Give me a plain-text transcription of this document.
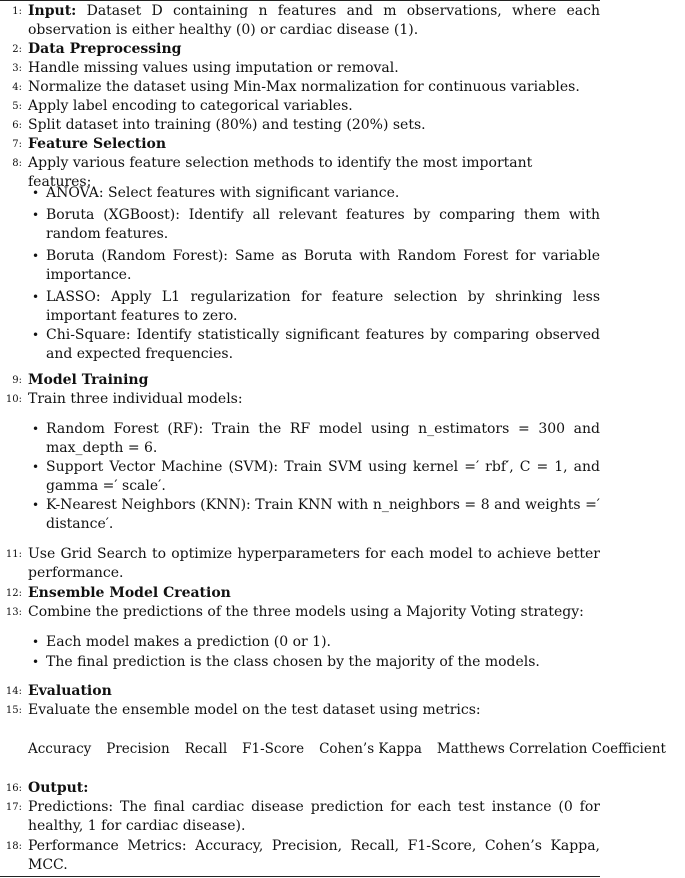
1: Input: Dataset D containing n features and m observations, where each observation is either healthy (0) or cardiac disease (1).
2: Data Preprocessing
3: Handle missing values using imputation or removal.
4: Normalize the dataset using Min-Max normalization for continuous variables.
5: Apply label encoding to categorical variables.
6: Split dataset into training (80%) and testing (20%) sets.
7: Feature Selection
8: Apply various feature selection methods to identify the most important features:
• ANOVA: Select features with significant variance.
• Boruta (XGBoost): Identify all relevant features by comparing them with random features.
• Boruta (Random Forest): Same as Boruta with Random Forest for variable importance.
• LASSO: Apply L1 regularization for feature selection by shrinking less important features to zero.
• Chi-Square: Identify statistically significant features by comparing observed and expected frequencies.
9: Model Training
10: Train three individual models:
• Random Forest (RF): Train the RF model using n_estimators = 300 and max_depth = 6.
• Support Vector Machine (SVM): Train SVM using kernel =′ rbf′, C = 1, and gamma =′ scale′.
• K-Nearest Neighbors (KNN): Train KNN with n_neighbors = 8 and weights =′ distance′.
11: Use Grid Search to optimize hyperparameters for each model to achieve better performance.
12: Ensemble Model Creation
13: Combine the predictions of the three models using a Majority Voting strategy:
• Each model makes a prediction (0 or 1).
• The final prediction is the class chosen by the majority of the models.
14: Evaluation
15: Evaluate the ensemble model on the test dataset using metrics:
Accuracy Precision Recall F1-Score Cohen’s Kappa Matthews Correlation Coefficient
16: Output:
17: Predictions: The final cardiac disease prediction for each test instance (0 for healthy, 1 for cardiac disease).
18: Performance Metrics: Accuracy, Precision, Recall, F1-Score, Cohen’s Kappa, MCC.
